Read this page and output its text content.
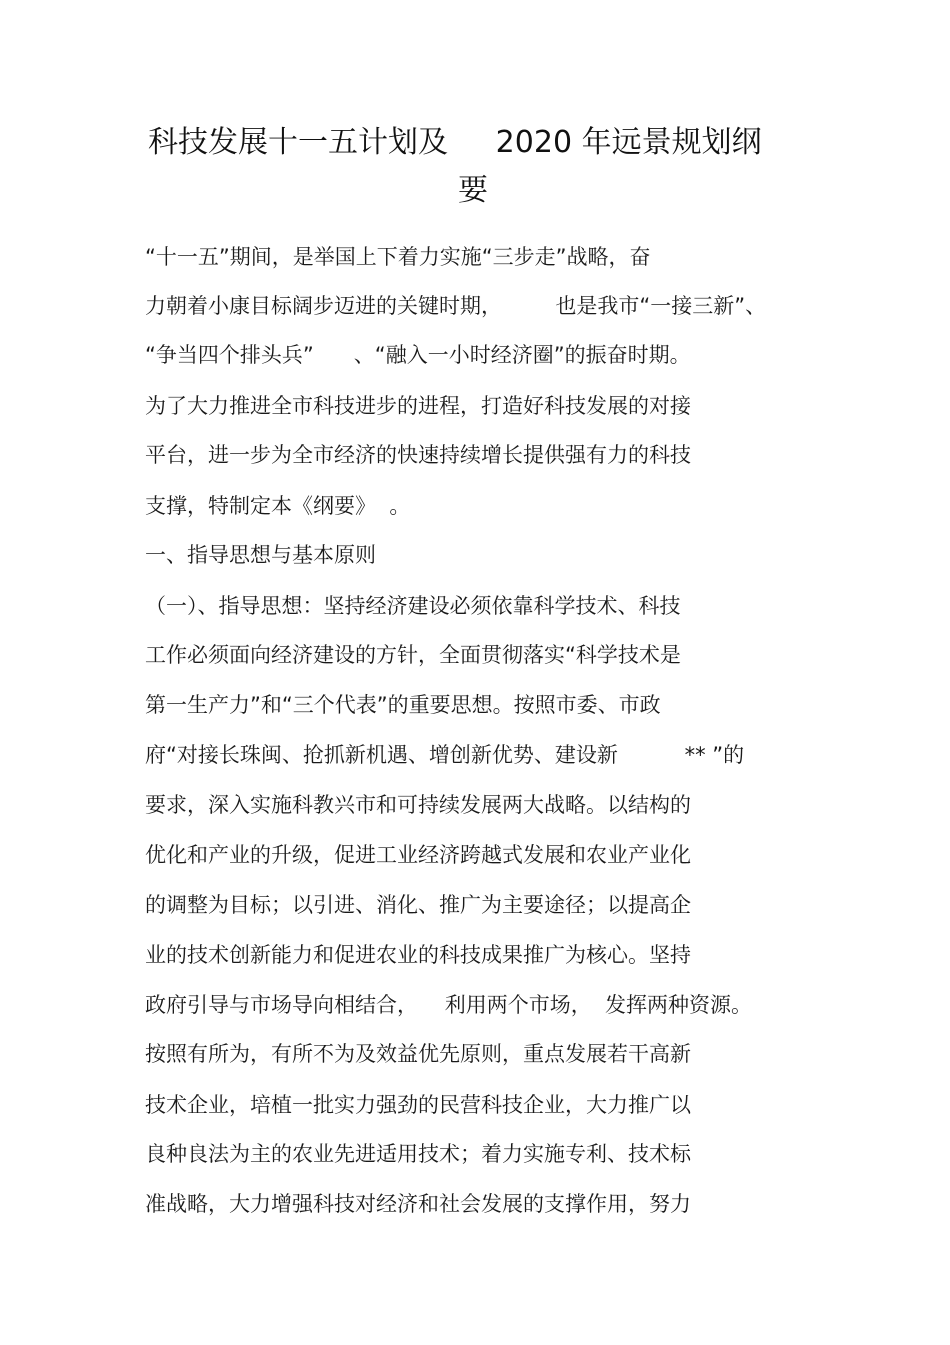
科技发展十一五计划及     2020 年远景规划纲
要
“十一五”期间，是举国上下着力实施“三步走”战略，奋
力朝着小康目标阔步迈进的关键时期，        也是我市“一接三新”、
“争当四个排头兵”      、“融入一小时经济圈”的振奋时期。
为了大力推进全市科技进步的进程，打造好科技发展的对接
平台，进一步为全市经济的快速持续增长提供强有力的科技
支撑，特制定本《纲要》  。
一、指导思想与基本原则
（一）、指导思想：坚持经济建设必须依靠科学技术、科技
工作必须面向经济建设的方针，全面贯彻落实“科学技术是
第一生产力”和“三个代表”的重要思想。按照市委、市政
府“对接长珠闽、抢抓新机遇、增创新优势、建设新          ** ”的
要求，深入实施科教兴市和可持续发展两大战略。以结构的
优化和产业的升级，促进工业经济跨越式发展和农业产业化
的调整为目标；以引进、消化、推广为主要途径；以提高企
业的技术创新能力和促进农业的科技成果推广为核心。坚持
政府引导与市场导向相结合，    利用两个市场，  发挥两种资源。
按照有所为，有所不为及效益优先原则，重点发展若干高新
技术企业，培植一批实力强劲的民营科技企业，大力推广以
良种良法为主的农业先进适用技术；着力实施专利、技术标
准战略，大力增强科技对经济和社会发展的支撑作用，努力
